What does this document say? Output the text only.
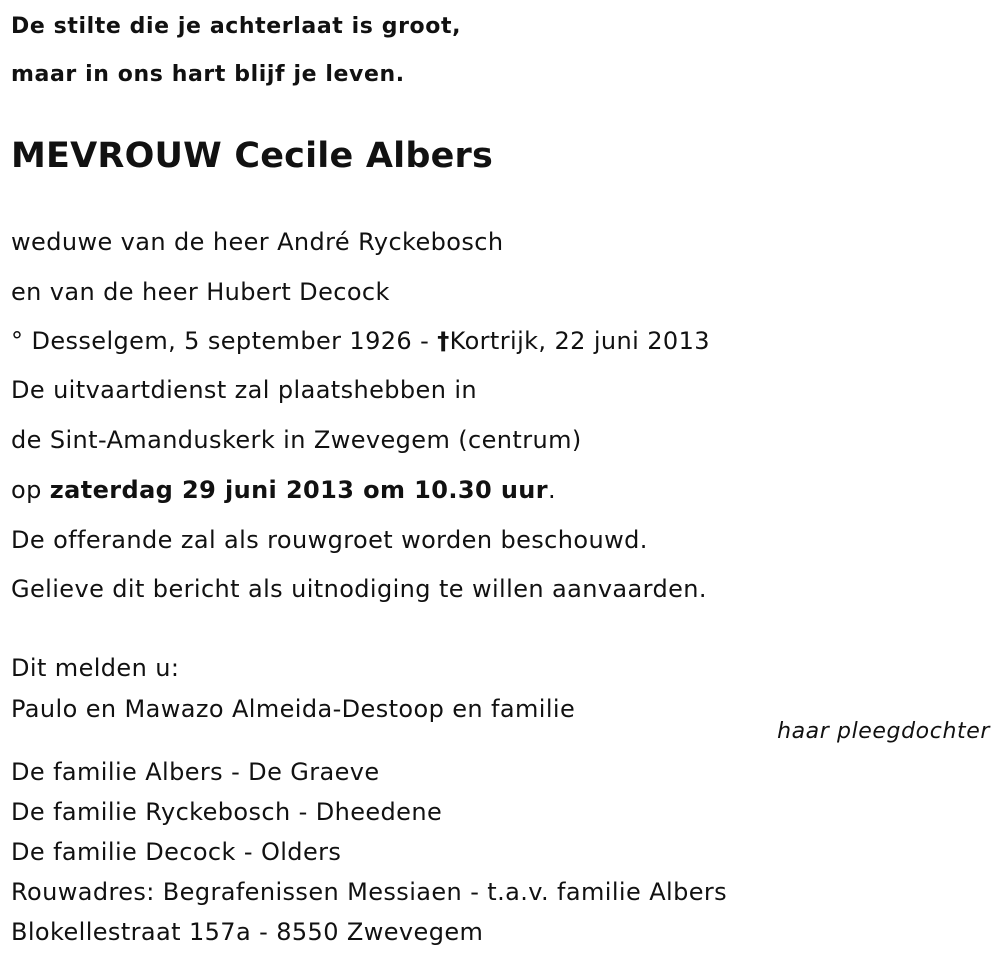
De stilte die je achterlaat is groot,
maar in ons hart blijf je leven.
MEVROUW Cecile Albers
weduwe van de heer André Ryckebosch
en van de heer Hubert Decock
° Desselgem, 5 september 1926 - †Kortrijk, 22 juni 2013
De uitvaartdienst zal plaatshebben in
de Sint-Amanduskerk in Zwevegem (centrum)
op zaterdag 29 juni 2013 om 10.30 uur.
De offerande zal als rouwgroet worden beschouwd.
Gelieve dit bericht als uitnodiging te willen aanvaarden.
Dit melden u:
Paulo en Mawazo Almeida-Destoop en familie
haar pleegdochter
De familie Albers - De Graeve
De familie Ryckebosch - Dheedene
De familie Decock - Olders
Rouwadres: Begrafenissen Messiaen - t.a.v. familie Albers
Blokellestraat 157a - 8550 Zwevegem
